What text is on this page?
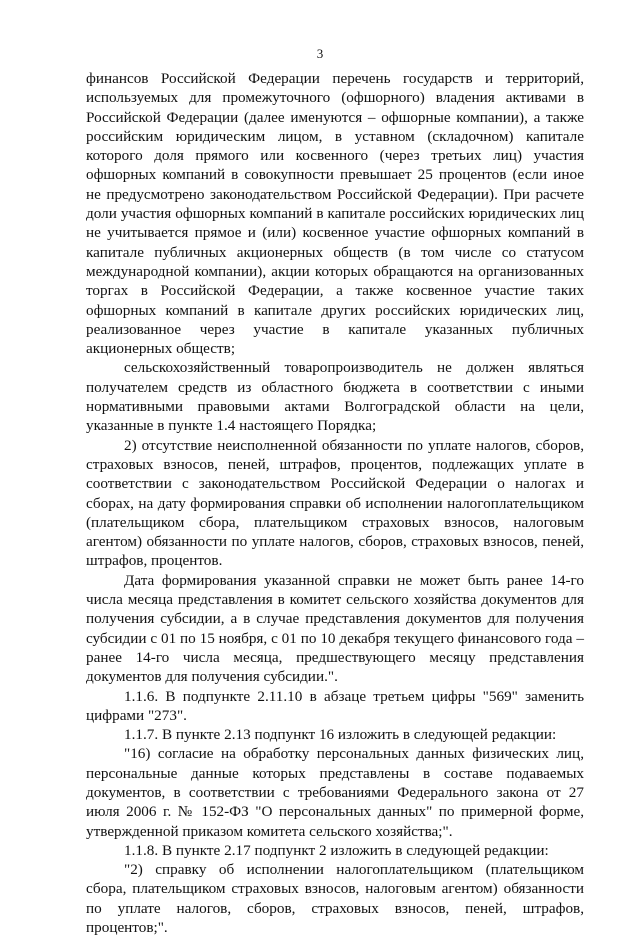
3

финансов Российской Федерации перечень государств и территорий, используемых для промежуточного (офшорного) владения активами в Российской Федерации (далее именуются – офшорные компании), а также российским юридическим лицом, в уставном (складочном) капитале которого доля прямого или косвенного (через третьих лиц) участия офшорных компаний в совокупности превышает 25 процентов (если иное не предусмотрено законодательством Российской Федерации). При расчете доли участия офшорных компаний в капитале российских юридических лиц не учитывается прямое и (или) косвенное участие офшорных компаний в капитале публичных акционерных обществ (в том числе со статусом международной компании), акции которых обращаются на организованных торгах в Российской Федерации, а также косвенное участие таких офшорных компаний в капитале других российских юридических лиц, реализованное через участие в капитале указанных публичных акционерных обществ;

сельскохозяйственный товаропроизводитель не должен являться получателем средств из областного бюджета в соответствии с иными нормативными правовыми актами Волгоградской области на цели, указанные в пункте 1.4 настоящего Порядка;

2) отсутствие неисполненной обязанности по уплате налогов, сборов, страховых взносов, пеней, штрафов, процентов, подлежащих уплате в соответствии с законодательством Российской Федерации о налогах и сборах, на дату формирования справки об исполнении налогоплательщиком (плательщиком сбора, плательщиком страховых взносов, налоговым агентом) обязанности по уплате налогов, сборов, страховых взносов, пеней, штрафов, процентов.

Дата формирования указанной справки не может быть ранее 14-го числа месяца представления в комитет сельского хозяйства документов для получения субсидии, а в случае представления документов для получения субсидии с 01 по 15 ноября, с 01 по 10 декабря текущего финансового года – ранее 14-го числа месяца, предшествующего месяцу представления документов для получения субсидии.".

1.1.6. В подпункте 2.11.10 в абзаце третьем цифры "569" заменить цифрами "273".

1.1.7. В пункте 2.13 подпункт 16 изложить в следующей редакции:

"16) согласие на обработку персональных данных физических лиц, персональные данные которых представлены в составе подаваемых документов, в соответствии с требованиями Федерального закона от 27 июля 2006 г. № 152-ФЗ "О персональных данных" по примерной форме, утвержденной приказом комитета сельского хозяйства;".

1.1.8. В пункте 2.17 подпункт 2 изложить в следующей редакции:

"2) справку об исполнении налогоплательщиком (плательщиком сбора, плательщиком страховых взносов, налоговым агентом) обязанности по уплате налогов, сборов, страховых взносов, пеней, штрафов, процентов;".
